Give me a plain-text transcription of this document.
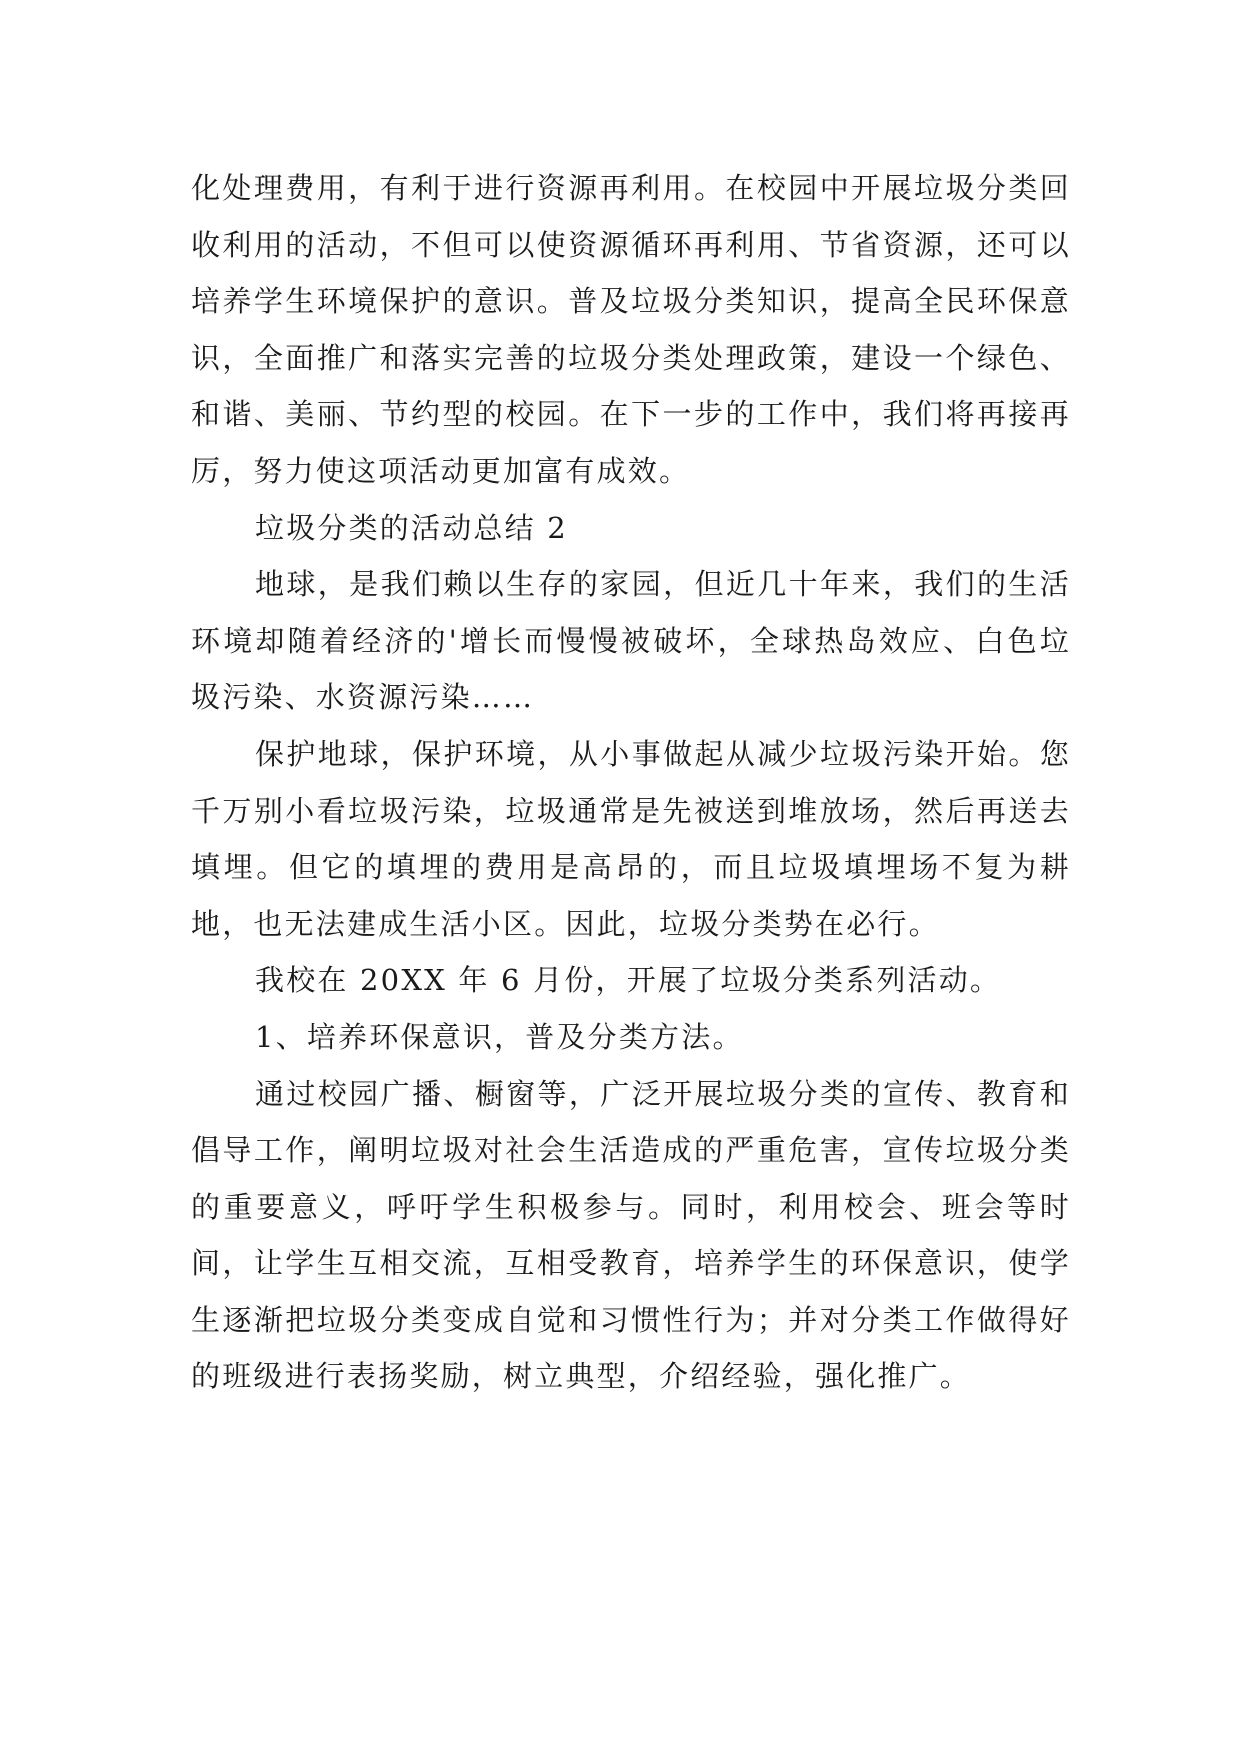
化处理费用，有利于进行资源再利用。在校园中开展垃圾分类回收利用的活动，不但可以使资源循环再利用、节省资源，还可以培养学生环境保护的意识。普及垃圾分类知识，提高全民环保意识，全面推广和落实完善的垃圾分类处理政策，建设一个绿色、和谐、美丽、节约型的校园。在下一步的工作中，我们将再接再厉，努力使这项活动更加富有成效。

垃圾分类的活动总结 2

地球，是我们赖以生存的家园，但近几十年来，我们的生活环境却随着经济的'增长而慢慢被破坏，全球热岛效应、白色垃圾污染、水资源污染……

保护地球，保护环境，从小事做起从减少垃圾污染开始。您千万别小看垃圾污染，垃圾通常是先被送到堆放场，然后再送去填埋。但它的填埋的费用是高昂的，而且垃圾填埋场不复为耕地，也无法建成生活小区。因此，垃圾分类势在必行。

我校在 20XX 年 6 月份，开展了垃圾分类系列活动。

1、培养环保意识，普及分类方法。

通过校园广播、橱窗等，广泛开展垃圾分类的宣传、教育和倡导工作，阐明垃圾对社会生活造成的严重危害，宣传垃圾分类的重要意义，呼吁学生积极参与。同时，利用校会、班会等时间，让学生互相交流，互相受教育，培养学生的环保意识，使学生逐渐把垃圾分类变成自觉和习惯性行为；并对分类工作做得好的班级进行表扬奖励，树立典型，介绍经验，强化推广。
